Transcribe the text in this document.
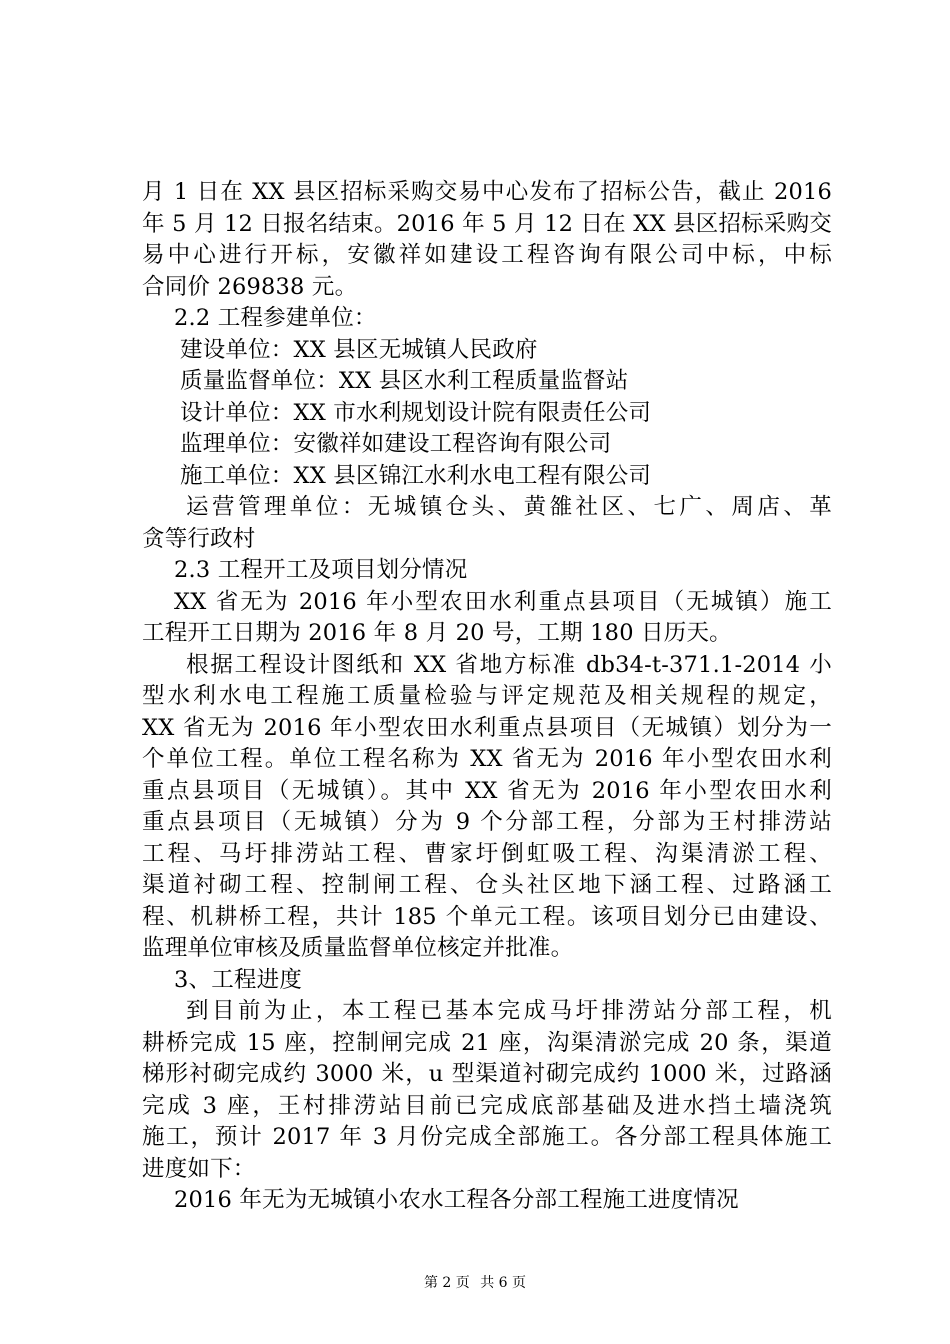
月 1 日在 XX 县区招标采购交易中心发布了招标公告，截止 2016
年 5 月 12 日报名结束。2016 年 5 月 12 日在 XX 县区招标采购交
易中心进行开标，安徽祥如建设工程咨询有限公司中标，中标
合同价 269838 元。
2.2 工程参建单位：
建设单位：XX 县区无城镇人民政府
质量监督单位：XX 县区水利工程质量监督站
设计单位：XX 市水利规划设计院有限责任公司
监理单位：安徽祥如建设工程咨询有限公司
施工单位：XX 县区锦江水利水电工程有限公司
运营管理单位：无城镇仓头、黄雒社区、七广、周店、革
贪等行政村
2.3 工程开工及项目划分情况
XX 省无为 2016 年小型农田水利重点县项目（无城镇）施工
工程开工日期为 2016 年 8 月 20 号，工期 180 日历天。
根据工程设计图纸和 XX 省地方标准 db34-t-371.1-2014 小
型水利水电工程施工质量检验与评定规范及相关规程的规定，
XX 省无为 2016 年小型农田水利重点县项目（无城镇）划分为一
个单位工程。单位工程名称为 XX 省无为 2016 年小型农田水利
重点县项目（无城镇）。其中 XX 省无为 2016 年小型农田水利
重点县项目（无城镇）分为 9 个分部工程，分部为王村排涝站
工程、马圩排涝站工程、曹家圩倒虹吸工程、沟渠清淤工程、
渠道衬砌工程、控制闸工程、仓头社区地下涵工程、过路涵工
程、机耕桥工程，共计 185 个单元工程。该项目划分已由建设、
监理单位审核及质量监督单位核定并批准。
3、工程进度
到目前为止，本工程已基本完成马圩排涝站分部工程，机
耕桥完成 15 座，控制闸完成 21 座，沟渠清淤完成 20 条，渠道
梯形衬砌完成约 3000 米，u 型渠道衬砌完成约 1000 米，过路涵
完成 3 座，王村排涝站目前已完成底部基础及进水挡土墙浇筑
施工，预计 2017 年 3 月份完成全部施工。各分部工程具体施工
进度如下：
2016 年无为无城镇小农水工程各分部工程施工进度情况
第 2 页 共 6 页
